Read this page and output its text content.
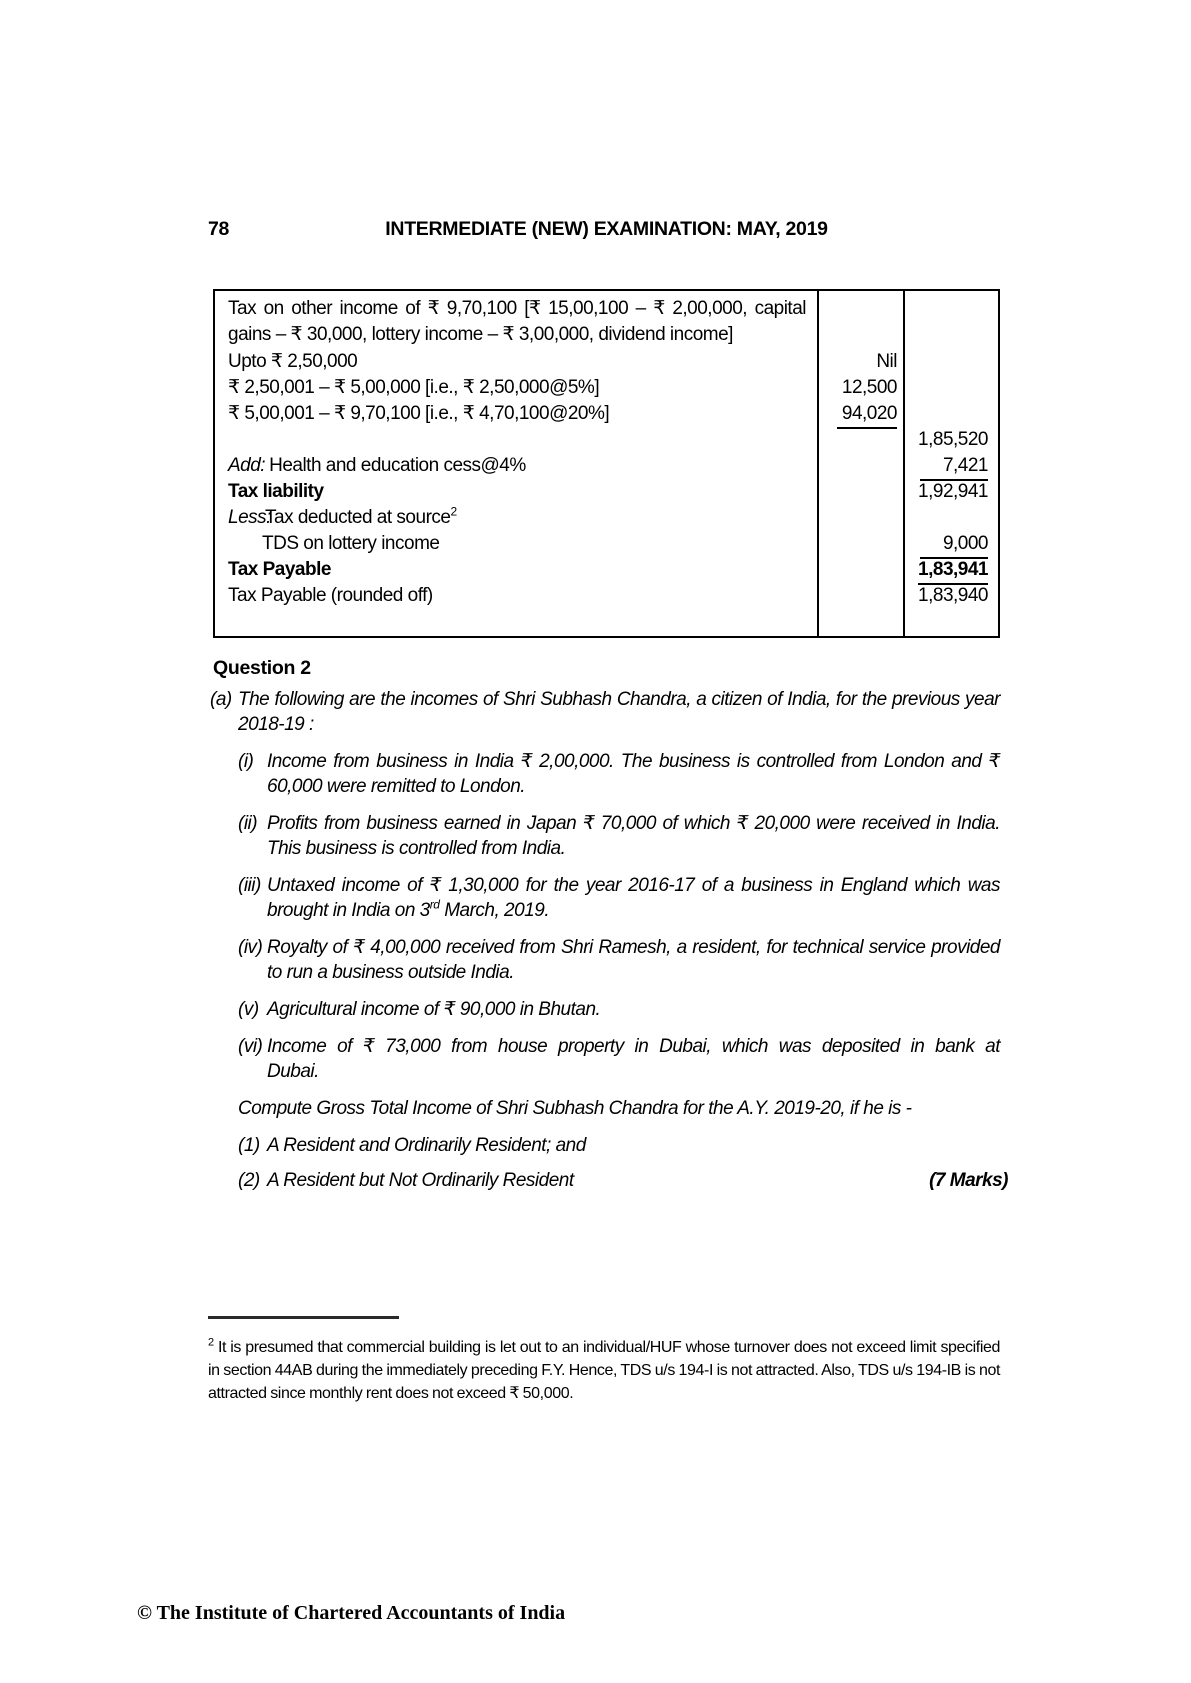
78	INTERMEDIATE (NEW) EXAMINATION: MAY, 2019
Tax on other income of ₹ 9,70,100 [₹ 15,00,100 – ₹ 2,00,000, capital gains – ₹ 30,000, lottery income – ₹ 3,00,000, dividend income]
Upto ₹ 2,50,000	Nil
₹ 2,50,001 – ₹ 5,00,000 [i.e., ₹ 2,50,000@5%]	12,500
₹ 5,00,001 – ₹ 9,70,100 [i.e., ₹ 4,70,100@20%]	94,020
1,85,520
Add: Health and education cess@4%	7,421
Tax liability	1,92,941
Less:Tax deducted at source$^2$
TDS on lottery income	9,000
Tax Payable	1,83,941
Tax Payable (rounded off)	1,83,940
Question 2
(a) The following are the incomes of Shri Subhash Chandra, a citizen of India, for the previous year 2018-19 :
(i) Income from business in India ₹ 2,00,000. The business is controlled from London and ₹ 60,000 were remitted to London.
(ii) Profits from business earned in Japan ₹ 70,000 of which ₹ 20,000 were received in India. This business is controlled from India.
(iii) Untaxed income of ₹ 1,30,000 for the year 2016-17 of a business in England which was brought in India on 3rd March, 2019.
(iv) Royalty of ₹ 4,00,000 received from Shri Ramesh, a resident, for technical service provided to run a business outside India.
(v) Agricultural income of ₹ 90,000 in Bhutan.
(vi) Income of ₹ 73,000 from house property in Dubai, which was deposited in bank at Dubai.
Compute Gross Total Income of Shri Subhash Chandra for the A.Y. 2019-20, if he is -
(1) A Resident and Ordinarily Resident; and
(2) A Resident but Not Ordinarily Resident	(7 Marks)
$^2$ It is presumed that commercial building is let out to an individual/HUF whose turnover does not exceed limit specified in section 44AB during the immediately preceding F.Y. Hence, TDS u/s 194-I is not attracted. Also, TDS u/s 194-IB is not attracted since monthly rent does not exceed ₹ 50,000.
© The Institute of Chartered Accountants of India
